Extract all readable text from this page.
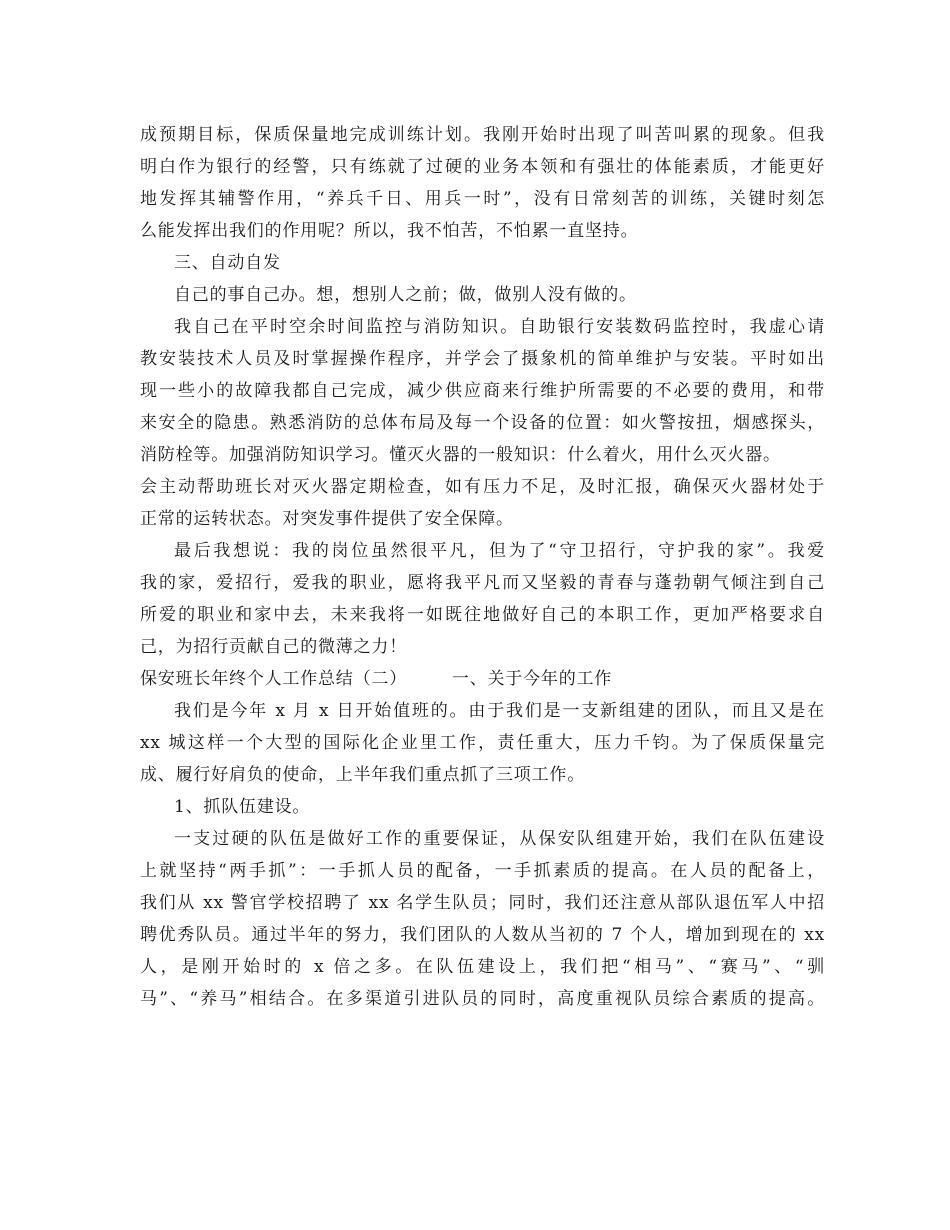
成预期目标，保质保量地完成训练计划。我刚开始时出现了叫苦叫累的现象。但我
明白作为银行的经警，只有练就了过硬的业务本领和有强壮的体能素质，才能更好
地发挥其辅警作用，“养兵千日、用兵一时”，没有日常刻苦的训练，关键时刻怎
么能发挥出我们的作用呢？所以，我不怕苦，不怕累一直坚持。
三、自动自发
自己的事自己办。想，想别人之前；做，做别人没有做的。
我自己在平时空余时间监控与消防知识。自助银行安装数码监控时，我虚心请
教安装技术人员及时掌握操作程序，并学会了摄象机的简单维护与安装。平时如出
现一些小的故障我都自己完成，减少供应商来行维护所需要的不必要的费用，和带
来安全的隐患。熟悉消防的总体布局及每一个设备的位置：如火警按扭，烟感探头，
消防栓等。加强消防知识学习。懂灭火器的一般知识：什么着火，用什么灭火器。
会主动帮助班长对灭火器定期检查，如有压力不足，及时汇报，确保灭火器材处于
正常的运转状态。对突发事件提供了安全保障。
最后我想说：我的岗位虽然很平凡，但为了“守卫招行，守护我的家”。我爱
我的家，爱招行，爱我的职业，愿将我平凡而又坚毅的青春与蓬勃朝气倾注到自己
所爱的职业和家中去，未来我将一如既往地做好自己的本职工作，更加严格要求自
己，为招行贡献自己的微薄之力！
保安班长年终个人工作总结（二）　　　一、关于今年的工作
我们是今年 x 月 x 日开始值班的。由于我们是一支新组建的团队，而且又是在
xx 城这样一个大型的国际化企业里工作，责任重大，压力千钧。为了保质保量完
成、履行好肩负的使命，上半年我们重点抓了三项工作。
1、抓队伍建设。
一支过硬的队伍是做好工作的重要保证，从保安队组建开始，我们在队伍建设
上就坚持“两手抓”：一手抓人员的配备，一手抓素质的提高。在人员的配备上，
我们从 xx 警官学校招聘了 xx 名学生队员；同时，我们还注意从部队退伍军人中招
聘优秀队员。通过半年的努力，我们团队的人数从当初的 7 个人，增加到现在的 xx
人，是刚开始时的 x 倍之多。在队伍建设上，我们把“相马”、“赛马”、“驯
马”、“养马”相结合。在多渠道引进队员的同时，高度重视队员综合素质的提高。
